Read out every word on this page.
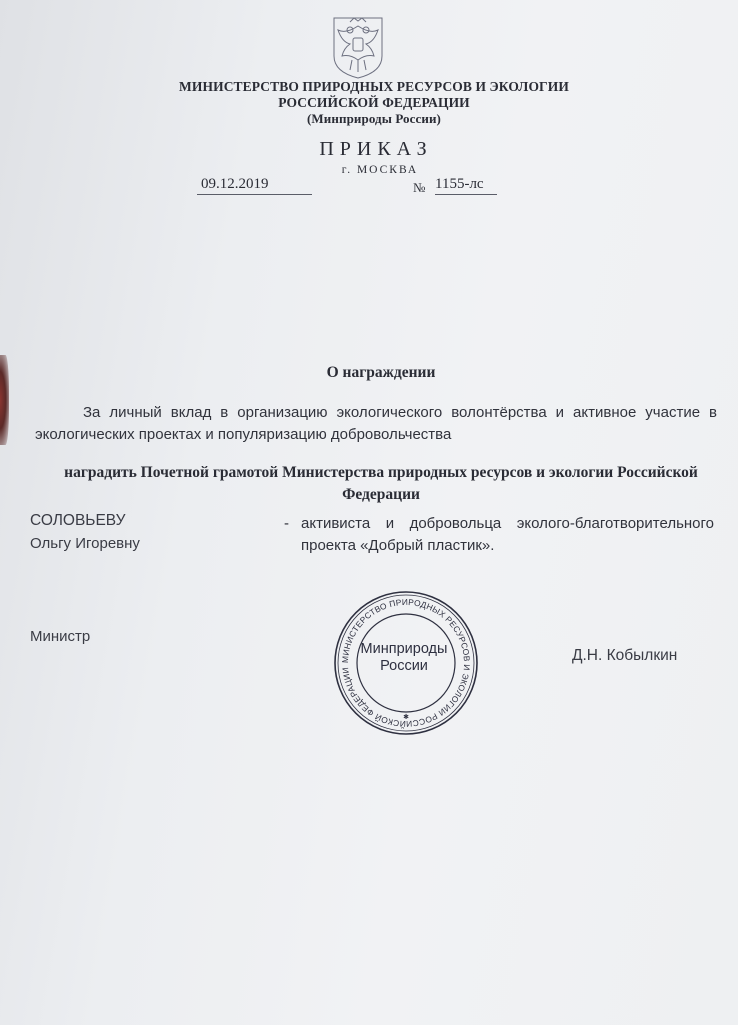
МИНИСТЕРСТВО ПРИРОДНЫХ РЕСУРСОВ И ЭКОЛОГИИ
РОССИЙСКОЙ ФЕДЕРАЦИИ
(Минприроды России)
ПРИКАЗ
г. МОСКВА
09.12.2019	№ 1155-лс
О награждении
За личный вклад в организацию экологического волонтёрства и активное участие в экологических проектах и популяризацию добровольчества
наградить Почетной грамотой Министерства природных ресурсов и экологии Российской Федерации
СОЛОВЬЕВУ
Ольгу Игоревну
- активиста и добровольца эколого-благотворительного проекта «Добрый пластик».
Министр
Д.Н. Кобылкин
МИНИСТЕРСТВО ПРИРОДНЫХ РЕСУРСОВ И ЭКОЛОГИИ РОССИЙСКОЙ ФЕДЕРАЦИИ
✱
Минприроды
России
